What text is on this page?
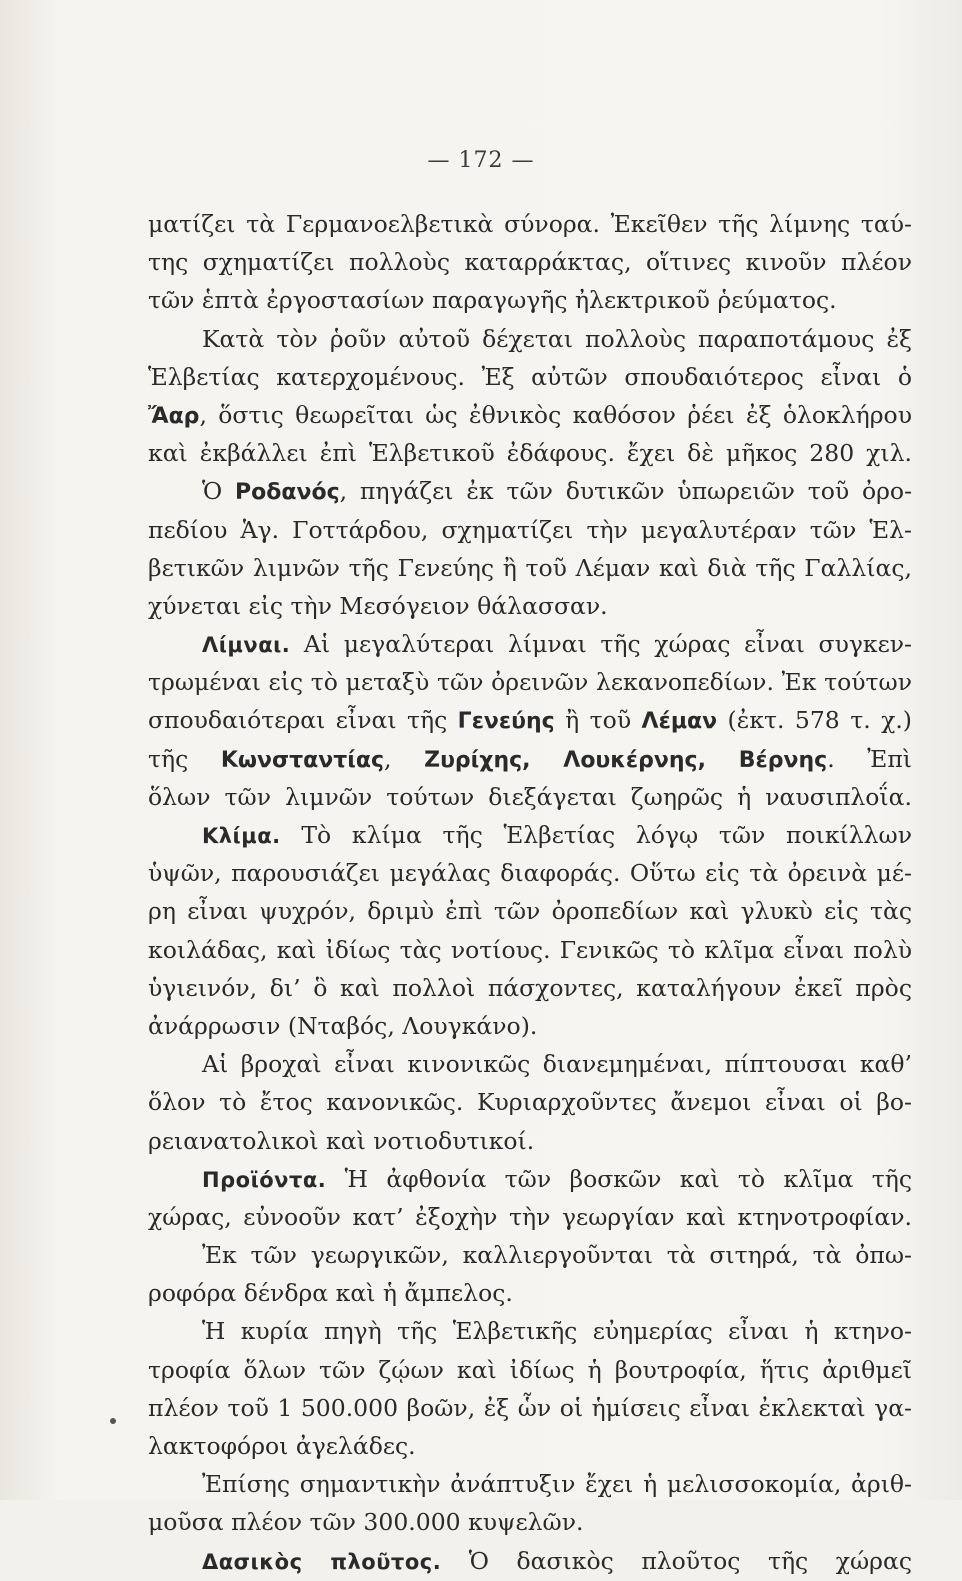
— 172 —
ματίζει τὰ Γερμανοελβετικὰ σύνορα. Ἐκεῖθεν τῆς λίμνης ταύ-
της σχηματίζει πολλοὺς καταρράκτας, οἵτινες κινοῦν πλέον
τῶν ἑπτὰ ἐργοστασίων παραγωγῆς ἠλεκτρικοῦ ῥεύματος.
Κατὰ τὸν ῥοῦν αὐτοῦ δέχεται πολλοὺς παραποτάμους ἐξ
Ἑλβετίας κατερχομένους. Ἐξ αὐτῶν σπουδαιότερος εἶναι ὁ
Ἄαρ, ὅστις θεωρεῖται ὡς ἐθνικὸς καθόσον ῥέει ἐξ ὁλοκλήρου
καὶ ἐκβάλλει ἐπὶ Ἑλβετικοῦ ἐδάφους. ἔχει δὲ μῆκος 280 χιλ.
Ὁ Ροδανός, πηγάζει ἐκ τῶν δυτικῶν ὑπωρειῶν τοῦ ὀρο-
πεδίου Ἁγ. Γοττάρδου, σχηματίζει τὴν μεγαλυτέραν τῶν Ἑλ-
βετικῶν λιμνῶν τῆς Γενεύης ἢ τοῦ Λέμαν καὶ διὰ τῆς Γαλλίας,
χύνεται εἰς τὴν Μεσόγειον θάλασσαν.
Λίμναι. Αἱ μεγαλύτεραι λίμναι τῆς χώρας εἶναι συγκεν-
τρωμέναι εἰς τὸ μεταξὺ τῶν ὀρεινῶν λεκανοπεδίων. Ἐκ τούτων
σπουδαιότεραι εἶναι τῆς Γενεύης ἢ τοῦ Λέμαν (ἐκτ. 578 τ. χ.)
τῆς Κωνσταντίας, Ζυρίχης, Λουκέρνης, Βέρνης. Ἐπὶ
ὅλων τῶν λιμνῶν τούτων διεξάγεται ζωηρῶς ἡ ναυσιπλοΐα.
Κλίμα. Τὸ κλίμα τῆς Ἑλβετίας λόγῳ τῶν ποικίλλων
ὑψῶν, παρουσιάζει μεγάλας διαφοράς. Οὕτω εἰς τὰ ὀρεινὰ μέ-
ρη εἶναι ψυχρόν, δριμὺ ἐπὶ τῶν ὀροπεδίων καὶ γλυκὺ εἰς τὰς
κοιλάδας, καὶ ἰδίως τὰς νοτίους. Γενικῶς τὸ κλῖμα εἶναι πολὺ
ὑγιεινόν, δι’ ὃ καὶ πολλοὶ πάσχοντες, καταλήγουν ἐκεῖ πρὸς
ἀνάρρωσιν (Νταβός, Λουγκάνο).
Αἱ βροχαὶ εἶναι κινονικῶς διανεμημέναι, πίπτουσαι καθ’
ὅλον τὸ ἔτος κανονικῶς. Κυριαρχοῦντες ἄνεμοι εἶναι οἱ βο-
ρειανατολικοὶ καὶ νοτιοδυτικοί.
Προϊόντα. Ἡ ἀφθονία τῶν βοσκῶν καὶ τὸ κλῖμα τῆς
χώρας, εὐνοοῦν κατ’ ἐξοχὴν τὴν γεωργίαν καὶ κτηνοτροφίαν.
Ἐκ τῶν γεωργικῶν, καλλιεργοῦνται τὰ σιτηρά, τὰ ὀπω-
ροφόρα δένδρα καὶ ἡ ἄμπελος.
Ἡ κυρία πηγὴ τῆς Ἑλβετικῆς εὐημερίας εἶναι ἡ κτηνο-
τροφία ὅλων τῶν ζῴων καὶ ἰδίως ἡ βουτροφία, ἥτις ἀριθμεῖ
πλέον τοῦ 1 500.000 βοῶν, ἐξ ὧν οἱ ἡμίσεις εἶναι ἐκλεκταὶ γα-
λακτοφόροι ἀγελάδες.
Ἐπίσης σημαντικὴν ἀνάπτυξιν ἔχει ἡ μελισσοκομία, ἀριθ-
μοῦσα πλέον τῶν 300.000 κυψελῶν.
Δασικὸς πλοῦτος. Ὁ δασικὸς πλοῦτος τῆς χώρας
